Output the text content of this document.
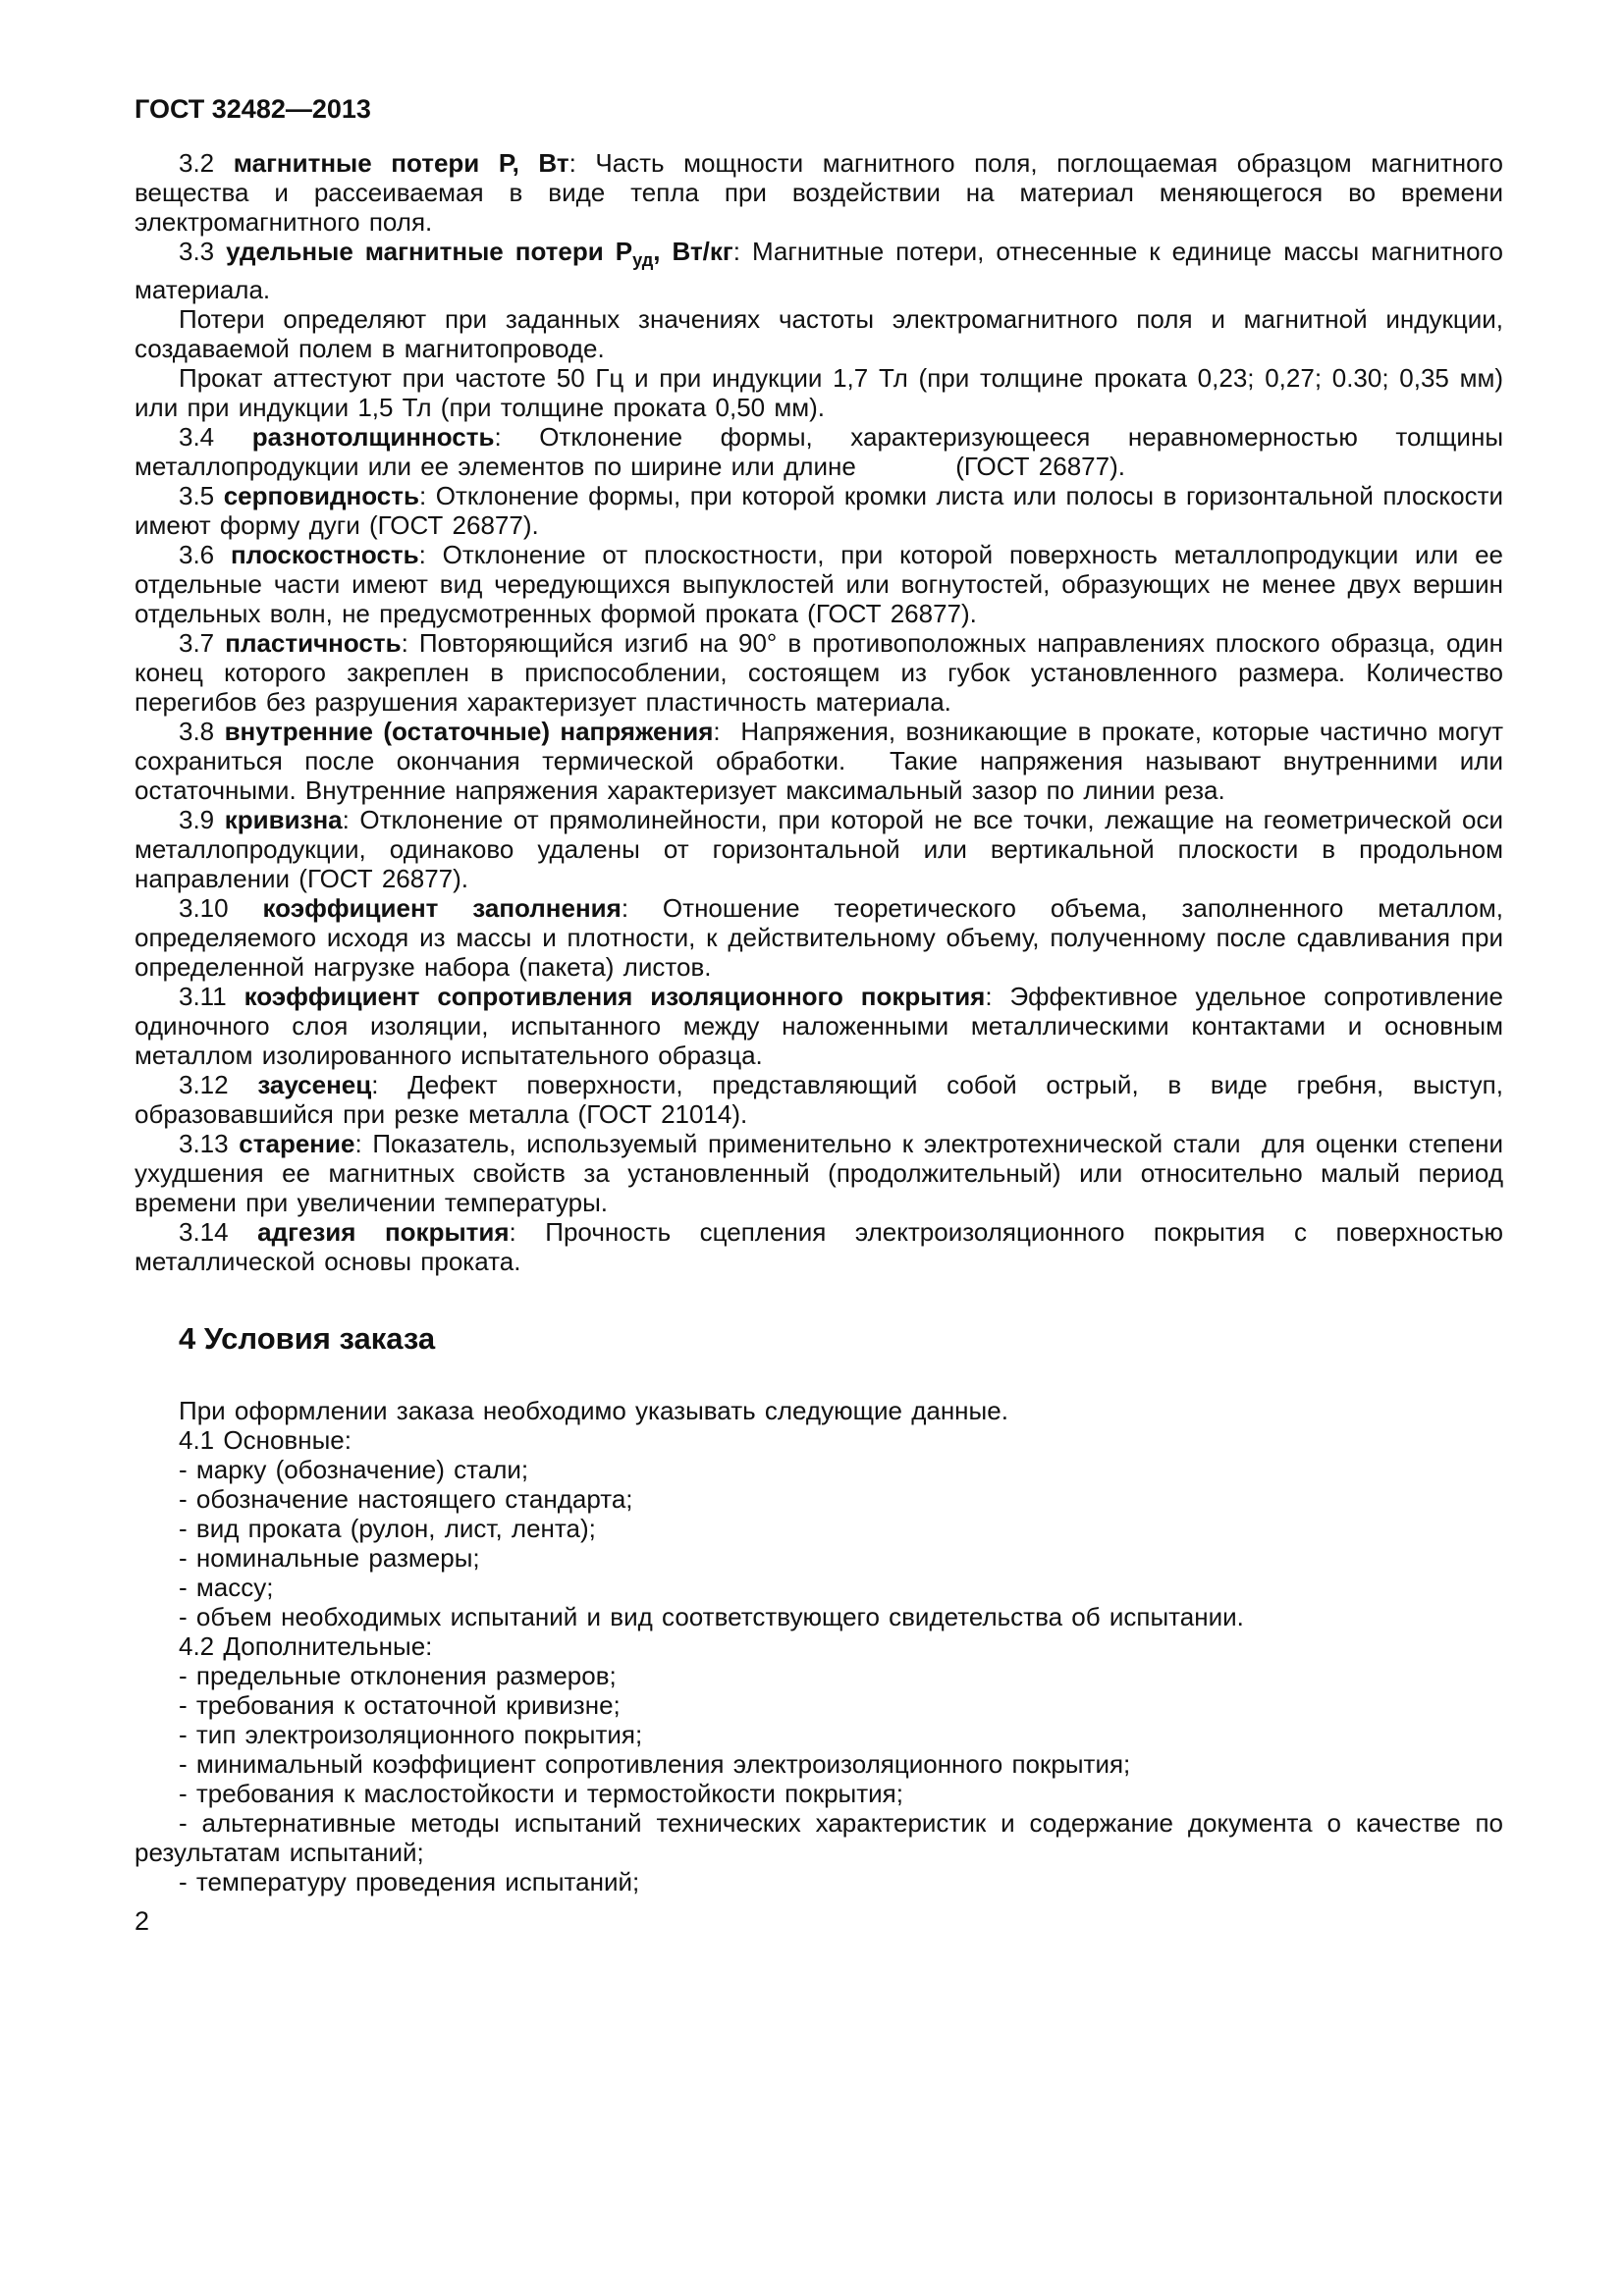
ГОСТ 32482—2013

3.2 магнитные потери Р, Вт: Часть мощности магнитного поля, поглощаемая образцом магнитного вещества и рассеиваемая в виде тепла при воздействии на материал меняющегося во времени электромагнитного поля.

3.3 удельные магнитные потери $Р_{уд}$, Вт/кг: Магнитные потери, отнесенные к единице массы магнитного материала.

Потери определяют при заданных значениях частоты электромагнитного поля и магнитной индукции, создаваемой полем в магнитопроводе.

Прокат аттестуют при частоте 50 Гц и при индукции 1,7 Тл (при толщине проката 0,23; 0,27; 0.30; 0,35 мм) или при индукции 1,5 Тл (при толщине проката 0,50 мм).

3.4 разнотолщинность: Отклонение формы, характеризующееся неравномерностью толщины металлопродукции или ее элементов по ширине или длине           (ГОСТ 26877).

3.5 серповидность: Отклонение формы, при которой кромки листа или полосы в горизонтальной плоскости имеют форму дуги (ГОСТ 26877).

3.6 плоскостность: Отклонение от плоскостности, при которой поверхность металлопродукции или ее отдельные части имеют вид чередующихся выпуклостей или вогнутостей, образующих не менее двух вершин отдельных волн, не предусмотренных формой проката (ГОСТ 26877).

3.7 пластичность: Повторяющийся изгиб на 90° в противоположных направлениях плоского образца, один конец которого закреплен в приспособлении, состоящем из губок установленного размера. Количество перегибов без разрушения характеризует пластичность материала.

3.8 внутренние (остаточные) напряжения:  Напряжения, возникающие в прокате, которые частично могут сохраниться после окончания термической обработки.  Такие напряжения называют внутренними или остаточными. Внутренние напряжения характеризует максимальный зазор по линии реза.

3.9 кривизна: Отклонение от прямолинейности, при которой не все точки, лежащие на геометрической оси металлопродукции, одинаково удалены от горизонтальной или вертикальной плоскости в продольном направлении (ГОСТ 26877).

3.10 коэффициент заполнения: Отношение теоретического объема, заполненного металлом, определяемого исходя из массы и плотности, к действительному объему, полученному после сдавливания при определенной нагрузке набора (пакета) листов.

3.11 коэффициент сопротивления изоляционного покрытия: Эффективное удельное сопротивление одиночного слоя изоляции, испытанного между наложенными металлическими контактами и основным металлом изолированного испытательного образца.

3.12 заусенец: Дефект поверхности, представляющий собой острый, в виде гребня, выступ, образовавшийся при резке металла (ГОСТ 21014).

3.13 старение: Показатель, используемый применительно к электротехнической стали  для оценки степени ухудшения ее магнитных свойств за установленный (продолжительный) или относительно малый период времени при увеличении температуры.

3.14 адгезия покрытия: Прочность сцепления электроизоляционного покрытия с поверхностью металлической основы проката.

4 Условия заказа

При оформлении заказа необходимо указывать следующие данные.

4.1 Основные:

- марку (обозначение) стали;

- обозначение настоящего стандарта;

- вид проката (рулон, лист, лента);

- номинальные размеры;

- массу;

- объем необходимых испытаний и вид соответствующего свидетельства об испытании.

4.2 Дополнительные:

- предельные отклонения размеров;

- требования к остаточной кривизне;

- тип электроизоляционного покрытия;

- минимальный коэффициент сопротивления электроизоляционного покрытия;

- требования к маслостойкости и термостойкости покрытия;

- альтернативные методы испытаний технических характеристик и содержание документа о качестве по результатам испытаний;

- температуру проведения испытаний;

2
